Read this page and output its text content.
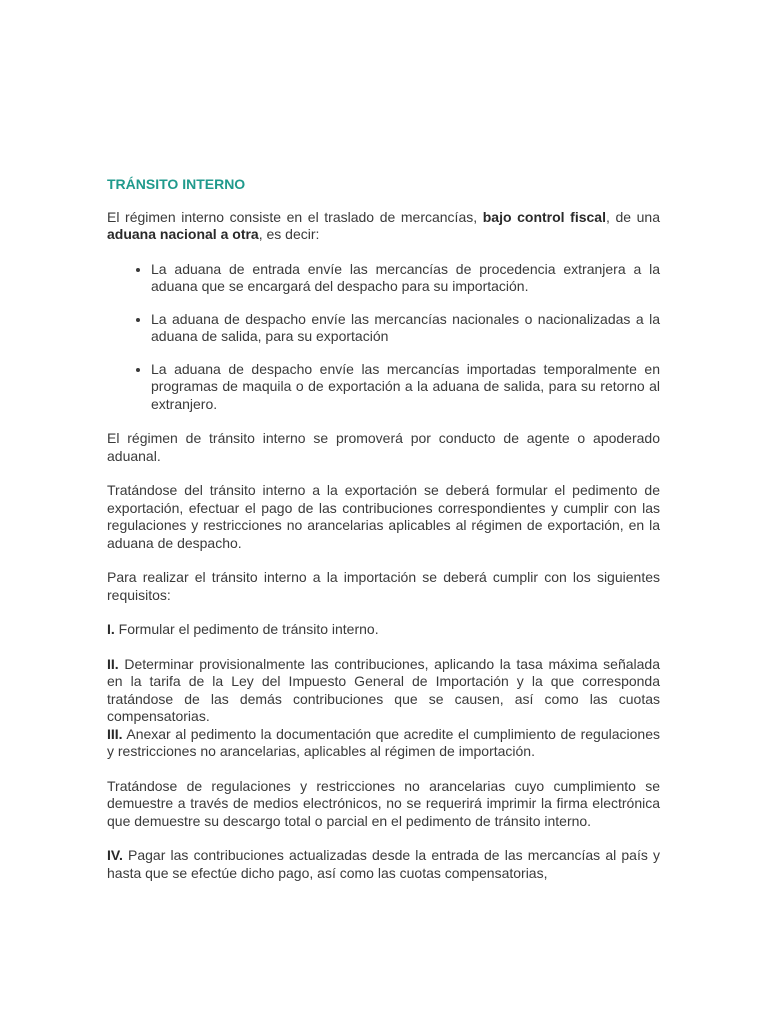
TRÁNSITO INTERNO

El régimen interno consiste en el traslado de mercancías, bajo control fiscal, de una aduana nacional a otra, es decir:

• La aduana de entrada envíe las mercancías de procedencia extranjera a la aduana que se encargará del despacho para su importación.
• La aduana de despacho envíe las mercancías nacionales o nacionalizadas a la aduana de salida, para su exportación
• La aduana de despacho envíe las mercancías importadas temporalmente en programas de maquila o de exportación a la aduana de salida, para su retorno al extranjero.

El régimen de tránsito interno se promoverá por conducto de agente o apoderado aduanal.

Tratándose del tránsito interno a la exportación se deberá formular el pedimento de exportación, efectuar el pago de las contribuciones correspondientes y cumplir con las regulaciones y restricciones no arancelarias aplicables al régimen de exportación, en la aduana de despacho.

Para realizar el tránsito interno a la importación se deberá cumplir con los siguientes requisitos:

I. Formular el pedimento de tránsito interno.

II. Determinar provisionalmente las contribuciones, aplicando la tasa máxima señalada en la tarifa de la Ley del Impuesto General de Importación y la que corresponda tratándose de las demás contribuciones que se causen, así como las cuotas compensatorias.

III. Anexar al pedimento la documentación que acredite el cumplimiento de regulaciones y restricciones no arancelarias, aplicables al régimen de importación.

Tratándose de regulaciones y restricciones no arancelarias cuyo cumplimiento se demuestre a través de medios electrónicos, no se requerirá imprimir la firma electrónica que demuestre su descargo total o parcial en el pedimento de tránsito interno.

IV. Pagar las contribuciones actualizadas desde la entrada de las mercancías al país y hasta que se efectúe dicho pago, así como las cuotas compensatorias,
